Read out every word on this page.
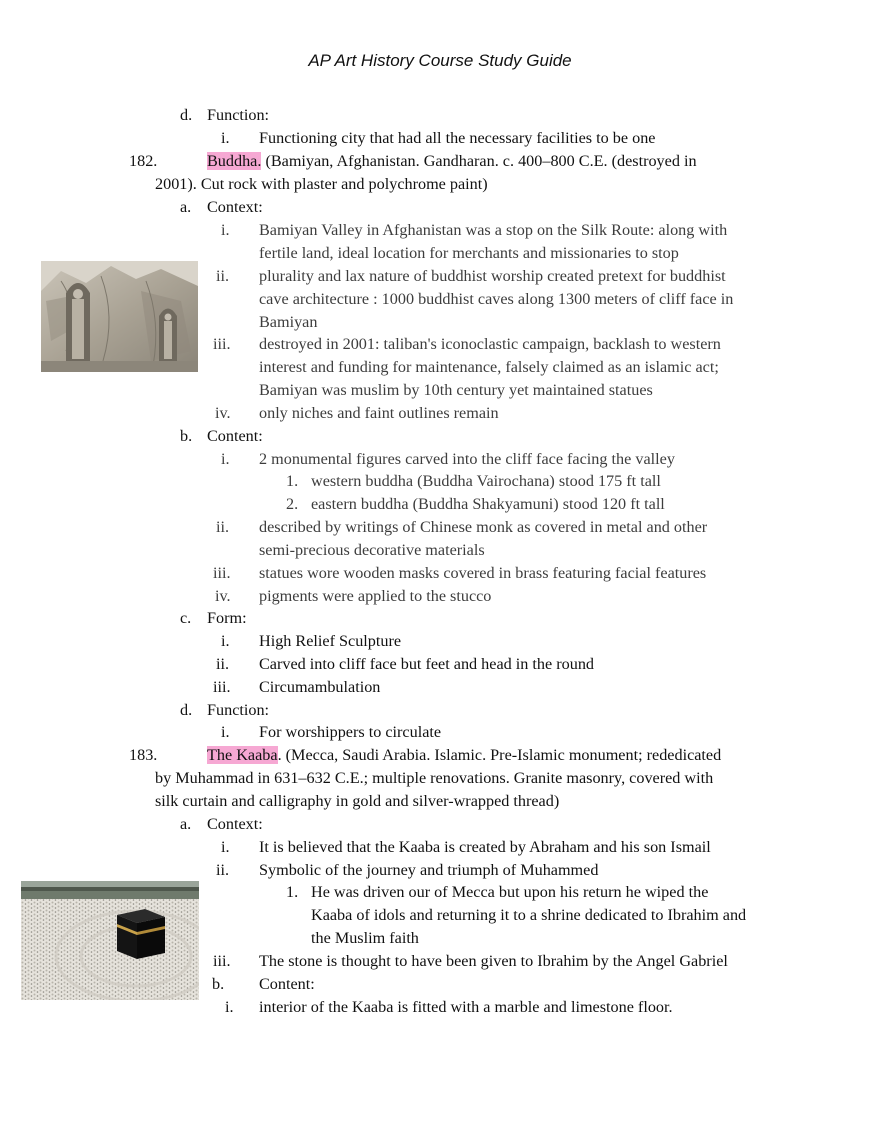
AP Art History Course Study Guide
d. Function:
i. Functioning city that had all the necessary facilities to be one
182.	Buddha. (Bamiyan, Afghanistan. Gandharan. c. 400–800 C.E. (destroyed in
2001). Cut rock with plaster and polychrome paint)
a. Context:
i. Bamiyan Valley in Afghanistan was a stop on the Silk Route: along with
fertile land, ideal location for merchants and missionaries to stop
ii. plurality and lax nature of buddhist worship created pretext for buddhist
cave architecture : 1000 buddhist caves along 1300 meters of cliff face in
Bamiyan
iii. destroyed in 2001: taliban's iconoclastic campaign, backlash to western
interest and funding for maintenance, falsely claimed as an islamic act;
Bamiyan was muslim by 10th century yet maintained statues
iv. only niches and faint outlines remain
b. Content:
i. 2 monumental figures carved into the cliff face facing the valley
1. western buddha (Buddha Vairochana) stood 175 ft tall
2. eastern buddha (Buddha Shakyamuni) stood 120 ft tall
ii. described by writings of Chinese monk as covered in metal and other
semi-precious decorative materials
iii. statues wore wooden masks covered in brass featuring facial features
iv. pigments were applied to the stucco
c. Form:
i. High Relief Sculpture
ii. Carved into cliff face but feet and head in the round
iii. Circumambulation
d. Function:
i. For worshippers to circulate
183.	The Kaaba. (Mecca, Saudi Arabia. Islamic. Pre-Islamic monument; rededicated
by Muhammad in 631–632 C.E.; multiple renovations. Granite masonry, covered with
silk curtain and calligraphy in gold and silver-wrapped thread)
a. Context:
i. It is believed that the Kaaba is created by Abraham and his son Ismail
ii. Symbolic of the journey and triumph of Muhammed
1. He was driven our of Mecca but upon his return he wiped the
Kaaba of idols and returning it to a shrine dedicated to Ibrahim and
the Muslim faith
iii. The stone is thought to have been given to Ibrahim by the Angel Gabriel
b. Content:
i. interior of the Kaaba is fitted with a marble and limestone floor.
